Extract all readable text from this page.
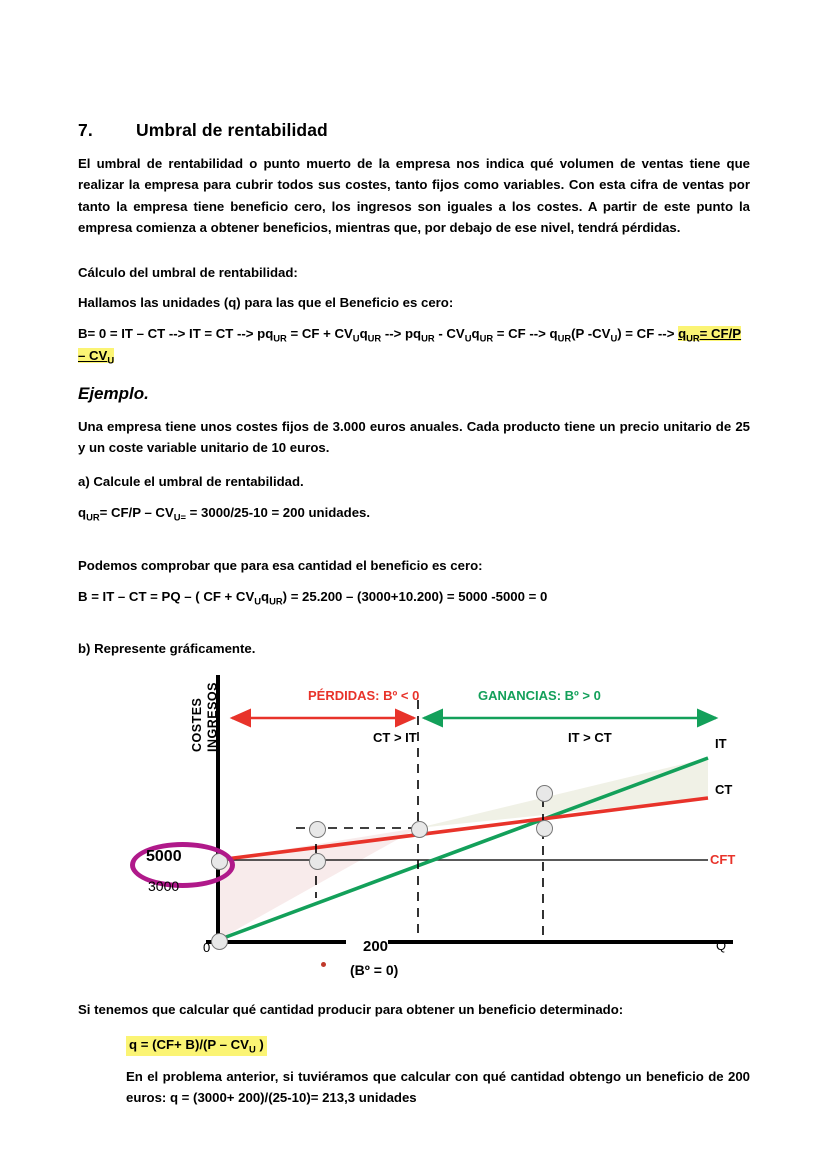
7. Umbral de rentabilidad

El umbral de rentabilidad o punto muerto de la empresa nos indica qué volumen de ventas tiene que realizar la empresa para cubrir todos sus costes, tanto fijos como variables. Con esta cifra de ventas por tanto la empresa tiene beneficio cero, los ingresos son iguales a los costes. A partir de este punto la empresa comienza a obtener beneficios, mientras que, por debajo de ese nivel, tendrá pérdidas.

Cálculo del umbral de rentabilidad:

Hallamos las unidades (q) para las que el Beneficio es cero:

B= 0 = IT – CT --> IT = CT --> $pq_{UR}$ = CF + $CV_Uq_{UR}$ --> $pq_{UR} - CV_Uq_{UR}$ = CF --> $q_{UR}(P$ $-CV_U$) = CF --> $q_{UR}= CF/P - CV_U$

Ejemplo.

Una empresa tiene unos costes fijos de 3.000 euros anuales. Cada producto tiene un precio unitario de 25 y un coste variable unitario de 10 euros.

a) Calcule el umbral de rentabilidad.

$q_{UR}= CF/P - CV_{U=} = 3000/25-10 = 200$ unidades.

Podemos comprobar que para esa cantidad el beneficio es cero:

B = IT – CT = PQ – ( CF + $CV_Uq_{UR}) = 25.200 - (3000+10.200) = 5000$ -5000 = 0

b) Represente gráficamente.

COSTES INGRESOS	PÉRDIDAS: Bº < 0
CT > IT
GANANCIAS: Bº > 0
IT > CT	IT
CT
CFT
5000
3000
0	200
(Bº = 0)
Q

Si tenemos que calcular qué cantidad producir para obtener un beneficio determinado:

$q = (CF+ B)/(P - CV_U$ )

En el problema anterior, si tuviéramos que calcular con qué cantidad obtengo un beneficio de 200 euros: q = (3000+ 200)/(25-10)= 213,3 unidades
